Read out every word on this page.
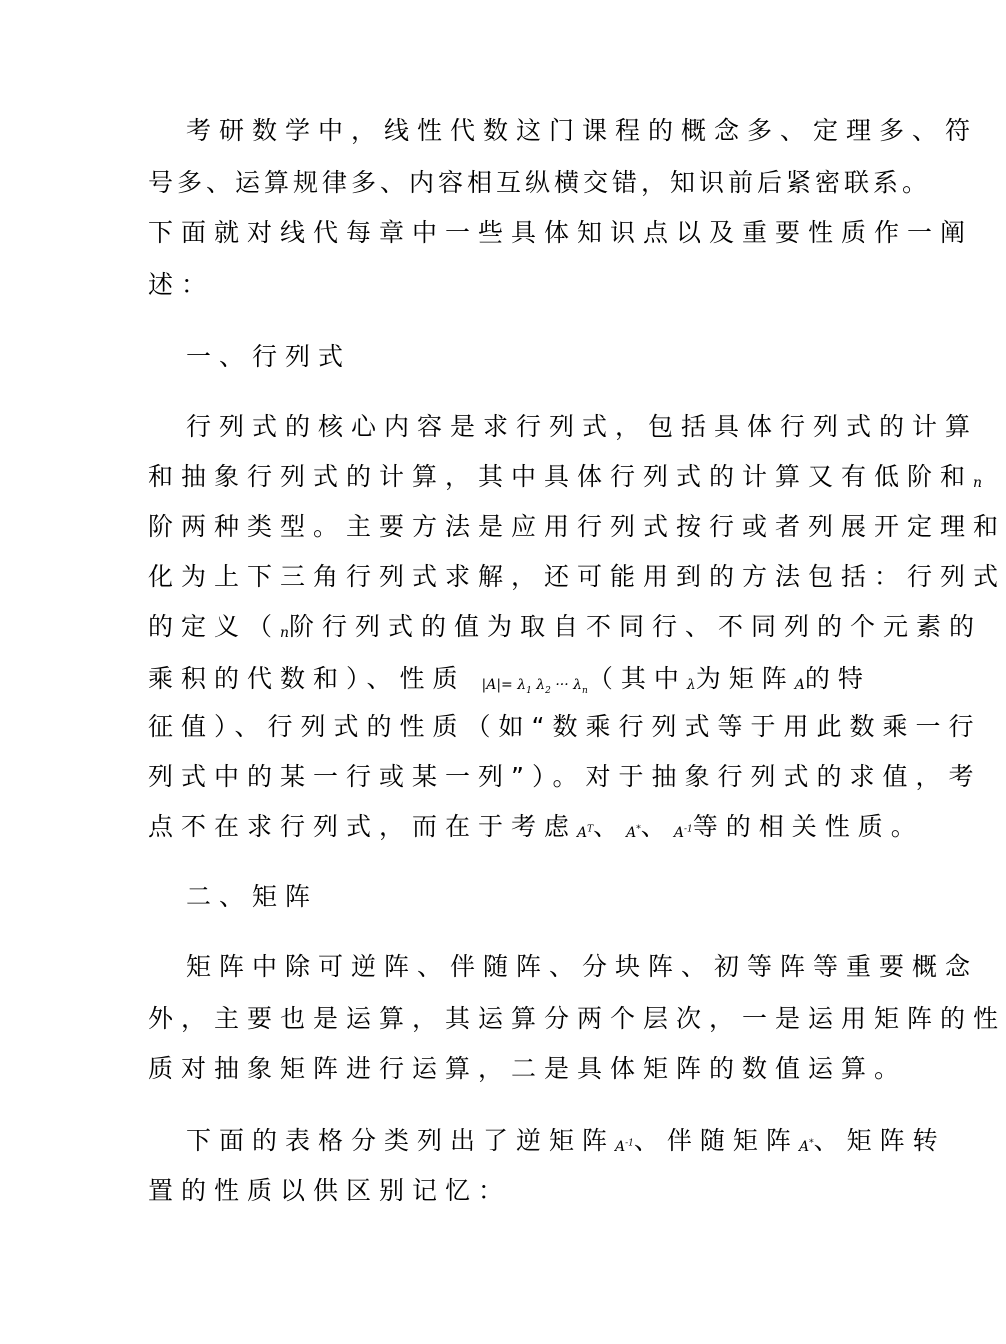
考研数学中，线性代数这门课程的概念多、定理多、符
号多、运算规律多、内容相互纵横交错，知识前后紧密联系。
下面就对线代每章中一些具体知识点以及重要性质作一阐
述：
一、行列式
行列式的核心内容是求行列式，包括具体行列式的计算
和抽象行列式的计算，其中具体行列式的计算又有低阶和n
阶两种类型。主要方法是应用行列式按行或者列展开定理和
化为上下三角行列式求解，还可能用到的方法包括：行列式
的定义（n阶行列式的值为取自不同行、不同列的个元素的
乘积的代数和）、性质 $|A|= \lambda_1$ $\lambda_2$ ··· $\lambda_n$（其中λ为矩阵A的特
征值）、行列式的性质（如“数乘行列式等于用此数乘一行
列式中的某一行或某一列”）。对于抽象行列式的求值，考
点不在求行列式，而在于考虑$A^T$、A*、$A^{-1}$等的相关性质。
二、矩阵
矩阵中除可逆阵、伴随阵、分块阵、初等阵等重要概念
外，主要也是运算，其运算分两个层次，一是运用矩阵的性
质对抽象矩阵进行运算，二是具体矩阵的数值运算。
下面的表格分类列出了逆矩阵$A^{-1}$、伴随矩阵A*、矩阵转
置的性质以供区别记忆：
